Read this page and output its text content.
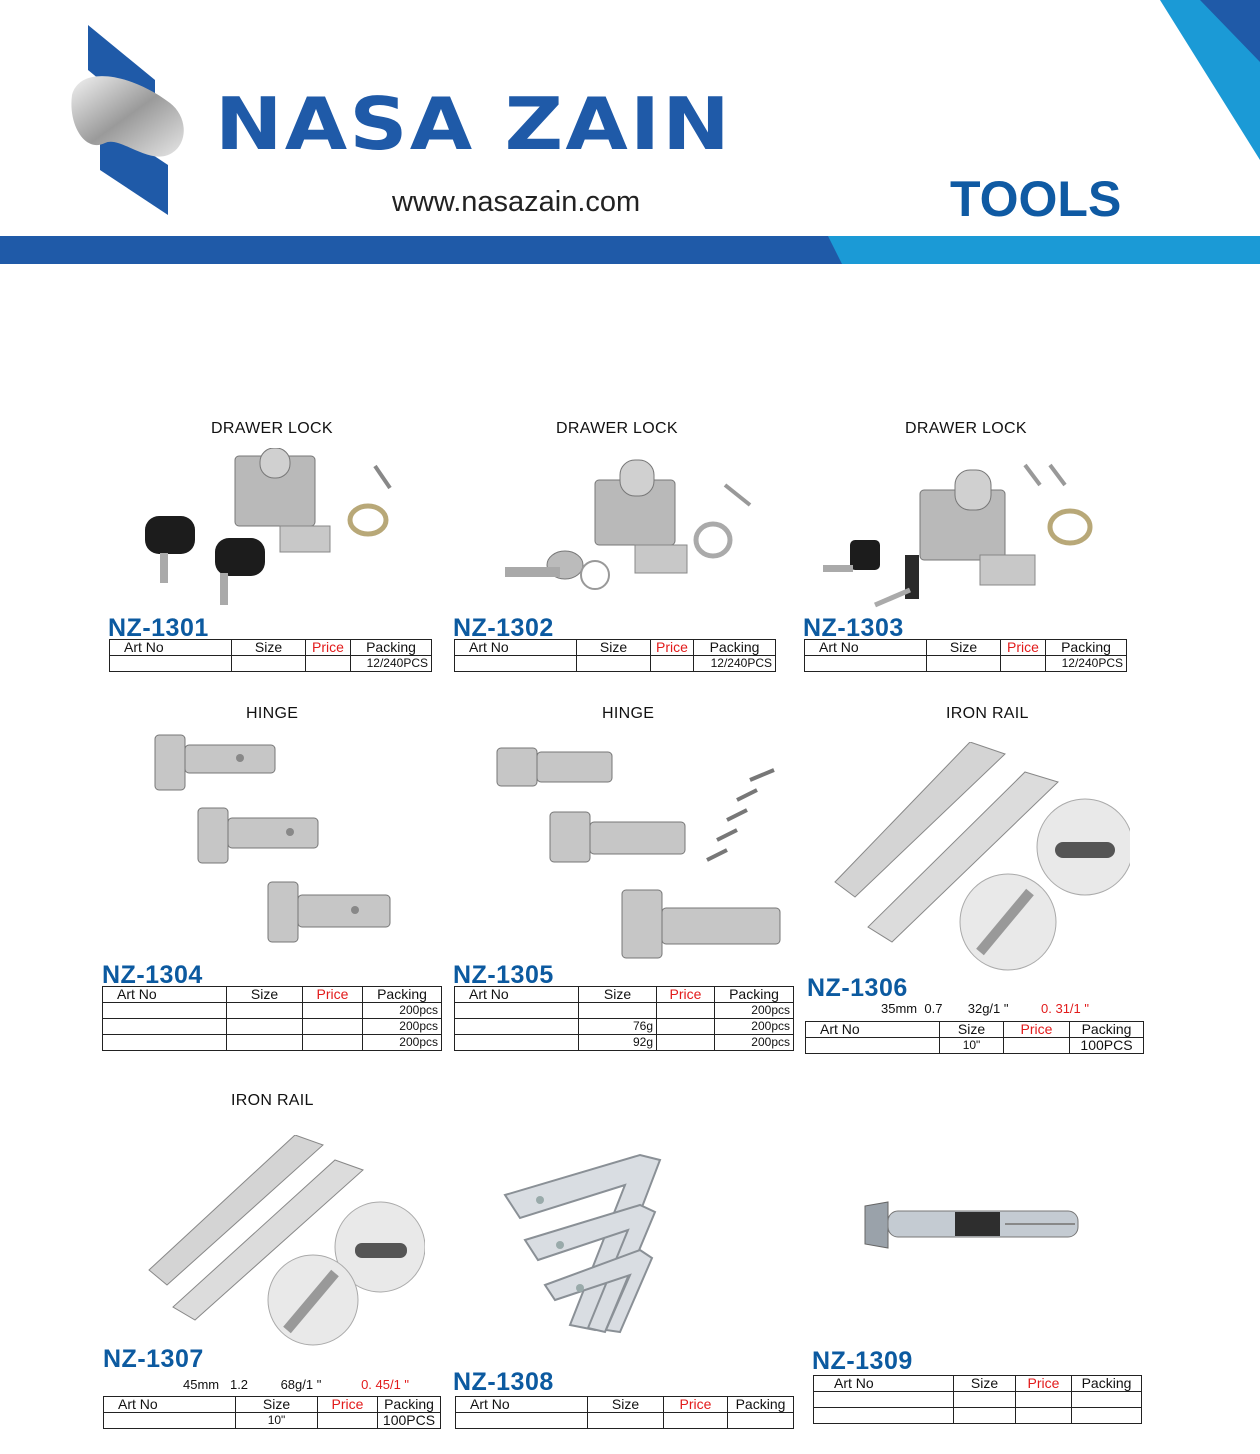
NASA ZAIN
www.nasazain.com	TOOLS
DRAWER LOCK
NZ-1301
Art No	Size	Price	Packing
			12/240PCS
DRAWER LOCK
NZ-1302
Art No	Size	Price	Packing
			12/240PCS
DRAWER LOCK
NZ-1303
Art No	Size	Price	Packing
			12/240PCS
HINGE
NZ-1304
Art No	Size	Price	Packing
			200pcs
			200pcs
			200pcs
HINGE
NZ-1305
Art No	Size	Price	Packing
			200pcs
	76g		200pcs
	92g		200pcs
IRON RAIL
NZ-1306
35mm 0.7 32g/1 "	0. 31/1 "
Art No	Size	Price	Packing
	10"		100PCS
IRON RAIL
NZ-1307
45mm 1.2	68g/1 "	0. 45/1 "
Art No	Size	Price	Packing
	10"		100PCS
NZ-1308
Art No	Size	Price	Packing

NZ-1309
Art No	Size	Price	Packing
